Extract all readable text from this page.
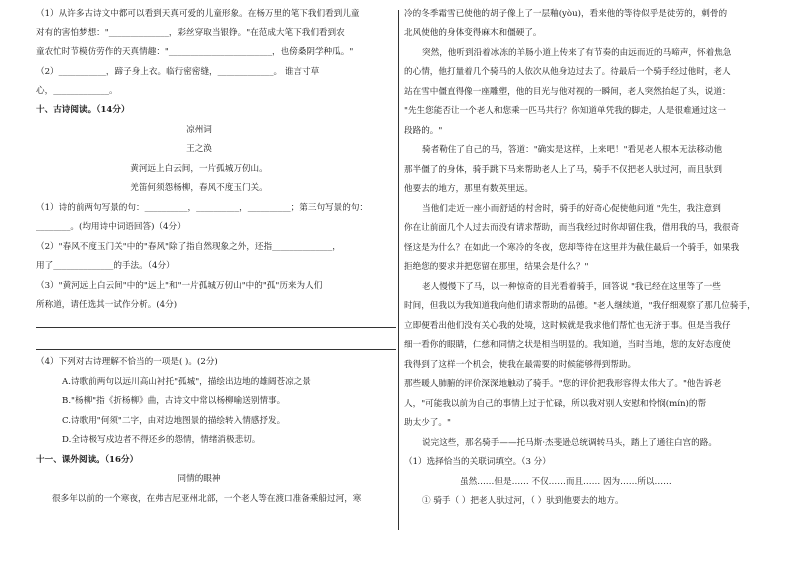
（1）从许多古诗文中都可以看到天真可爱的儿童形象。在杨万里的笔下我们看到儿童
对有的害怕梦想："______________，彩丝穿取当银铮。"在范成大笔下我们看到农
童农忙时节模仿劳作的天真情趣："________________________，也傍桑阴学种瓜。"
（2）___________，蹄子身上衣。临行密密缝，_____________。 谁言寸草
心，_____________。
十、古诗阅读。（14分）
凉州词
王之涣
黄河远上白云间，一片孤城万仞山。
羌笛何须怨杨柳，春风不度玉门关。
（1）诗的前两句写景的句：__________，__________，__________；第三句写景的句：
________。(均用诗中词语回答)（4分）
（2）"春风不度玉门关"中的"春风"除了指自然现象之外，还指______________，
用了______________的手法。（4分）
（3）"黄河远上白云间"中的"远上"和"一片孤城万仞山"中的"孤"历来为人们
所称道，请任选其一试作分析。(4分)
（4）下列对古诗理解不恰当的一项是( )。(2分)
A.诗歌前两句以远川高山衬托"孤城"，描绘出边地的雄阔苍凉之景
B."杨柳"指《折杨柳》曲，古诗文中常以杨柳喻送别情事。
C.诗歌用"何须"二字，由对边地图景的描绘转入情感抒发。
D.全诗极写戍边者不得还乡的怨情，情绪消极悲切。
十一、课外阅读。（16分）
同情的眼神
很多年以前的一个寒夜，在弗吉尼亚州北部，一个老人等在渡口准备乘船过河，寒
冷的冬季霜雪已使他的胡子像上了一层釉(yòu)，看来他的等待似乎是徒劳的，刺骨的
北风使他的身体变得麻木和僵硬了。
突然，他听到沿着冰冻的羊肠小道上传来了有节奏的由远而近的马啼声，怀着焦急
的心情，他打量着几个骑马的人依次从他身边过去了。待最后一个骑手经过他时，老人
站在雪中僵直得像一座雕塑，他的目光与他对视的一瞬间，老人突然抬起了头，说道：
"先生您能否让一个老人和您乘一匹马共行？你知道单凭我的脚走，人是很难通过这一
段路的。"
骑者勒住了自己的马，答道："确实是这样，上来吧！"看见老人根本无法移动他
那半僵了的身体，骑手跳下马来帮助老人上了马，骑手不仅把老人驮过河，而且驮到
他要去的地方，那里有数英里远。
当他们走近一座小而舒适的村舍时，骑手的好奇心促使他问道 "先生，我注意到
你在让前面几个人过去而没有请求帮助，而当我经过时你却留住我，借用我的马，我很奇
怪这是为什么？在如此一个寒冷的冬夜，您却等待在这里并为截住最后一个骑手，如果我
拒绝您的要求并把您留在那里，结果会是什么？"
老人慢慢下了马，以一种惊奇的目光看着骑手，回答说 "我已经在这里等了一些
时间，但我以为我知道我向他们请求帮助的品德。"老人继续道，"我仔细观察了那几位骑手，
立即便看出他们没有关心我的处境，这时候就是我求他们帮忙也无济于事。但是当我仔
细一看你的眼睛，仁慈和同情之状是相当明显的。我知道，当时当地，您的友好态度使
我得到了这样一个机会，使我在最需要的时候能够得到帮助。
那些暖人肺腑的评价深深地触动了骑手。"您的评价把我形容得太伟大了。"他告诉老
人，"可能我以前为自己的事情上过于忙碌，所以我对别人安慰和怜悯(mín)的帮
助太少了。"
说完这些，那名骑手——托马斯·杰斐逊总统调转马头，踏上了通往白宫的路。
（1）选择恰当的关联词填空。（3 分）
虽然……但是…… 不仅……而且…… 因为……所以……
① 骑手（ ）把老人驮过河，（ ）驮到他要去的地方。
